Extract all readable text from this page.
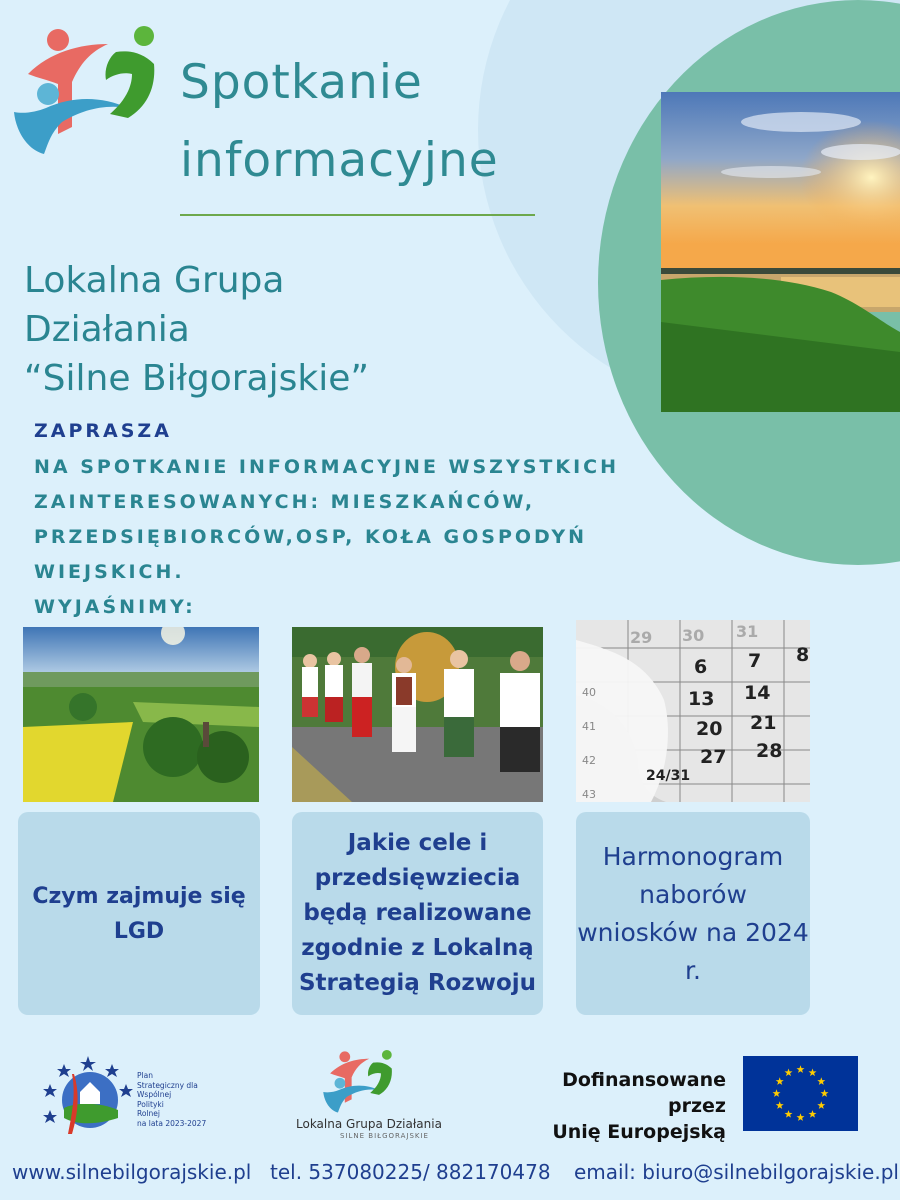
Spotkanie
informacyjne
Lokalna Grupa
Działania
“Silne Biłgorajskie”
ZAPRASZA
NA SPOTKANIE INFORMACYJNE WSZYSTKICH
ZAINTERESOWANYCH: MIESZKAŃCÓW,
PRZEDSIĘBIORCÓW,OSP, KOŁA GOSPODYŃ
WIEJSKICH.
WYJAŚNIMY:
29 30 31
6 7 8
13 14
20 21
27 28
24/31
40
41
42
43
Czym zajmuje się LGD
Jakie cele i przedsięwziecia będą realizowane zgodnie z Lokalną Strategią Rozwoju
Harmonogram naborów wniosków na 2024 r.
Plan
Strategiczny dla
Wspólnej
Polityki
Rolnej
na lata 2023-2027	Lokalna Grupa Działania
SILNE BIŁGORAJSKIE
Dofinansowane przez
Unię Europejską
www.silnebilgorajskie.pl tel. 537080225/ 882170478 email: biuro@silnebilgorajskie.pl
